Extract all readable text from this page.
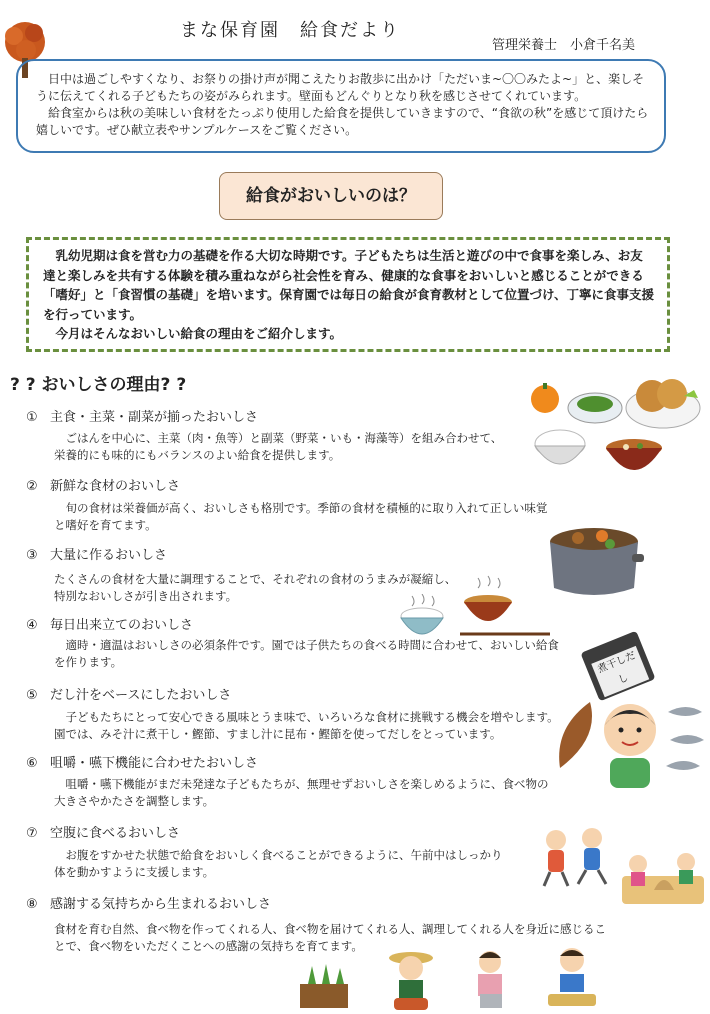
まな保育園　給食だより
管理栄養士　小倉千名美

日中は過ごしやすくなり、お祭りの掛け声が聞こえたりお散歩に出かけ「ただいま~〇〇みたよ~」と、楽しそうに伝えてくれる子どもたちの姿がみられます。壁面もどんぐりとなり秋を感じさせてくれています。

給食室からは秋の美味しい食材をたっぷり使用した給食を提供していきますので、“食欲の秋”を感じて頂けたら嬉しいです。ぜひ献立表やサンプルケースをご覧ください。

給食がおいしいのは？

乳幼児期は食を営む力の基礎を作る大切な時期です。子どもたちは生活と遊びの中で食事を楽しみ、お友達と楽しみを共有する体験を積み重ねながら社会性を育み、健康的な食事をおいしいと感じることができる「嗜好」と「食習慣の基礎」を培います。保育園では毎日の給食が食育教材として位置づけ、丁寧に食事支援を行っています。

今月はそんなおいしい給食の理由をご紹介します。

? ? おいしさの理由? ?
① 主食・主菜・副菜が揃ったおいしさ

　ごはんを中心に、主菜（肉・魚等）と副菜（野菜・いも・海藻等）を組み合わせて、

栄養的にも味的にもバランスのよい給食を提供します。

② 新鮮な食材のおいしさ

　旬の食材は栄養価が高く、おいしさも格別です。季節の食材を積極的に取り入れて正しい味覚

と嗜好を育てます。

③ 大量に作るおいしさ

たくさんの食材を大量に調理することで、それぞれの食材のうまみが凝縮し、

特別なおいしさが引き出されます。

④ 毎日出来立てのおいしさ

　適時・適温はおいしさの必須条件です。園では子供たちの食べる時間に合わせて、おいしい給食

を作ります。

⑤ だし汁をベースにしたおいしさ

　子どもたちにとって安心できる風味とうま味で、いろいろな食材に挑戦する機会を増やします。

園では、みそ汁に煮干し・鰹節、すまし汁に昆布・鰹節を使ってだしをとっています。

⑥ 咀嚼・嚥下機能に合わせたおいしさ

　咀嚼・嚥下機能がまだ未発達な子どもたちが、無理せずおいしさを楽しめるように、食べ物の

大きさやかたさを調整します。

⑦ 空腹に食べるおいしさ

　お腹をすかせた状態で給食をおいしく食べることができるように、午前中はしっかり

体を動かすように支援します。

⑧ 感謝する気持ちから生まれるおいしさ

食材を育む自然、食べ物を作ってくれる人、食べ物を届けてくれる人、調理してくれる人を身近に感じるこ

とで、食べ物をいただくことへの感謝の気持ちを育てます。

煮干しだし
